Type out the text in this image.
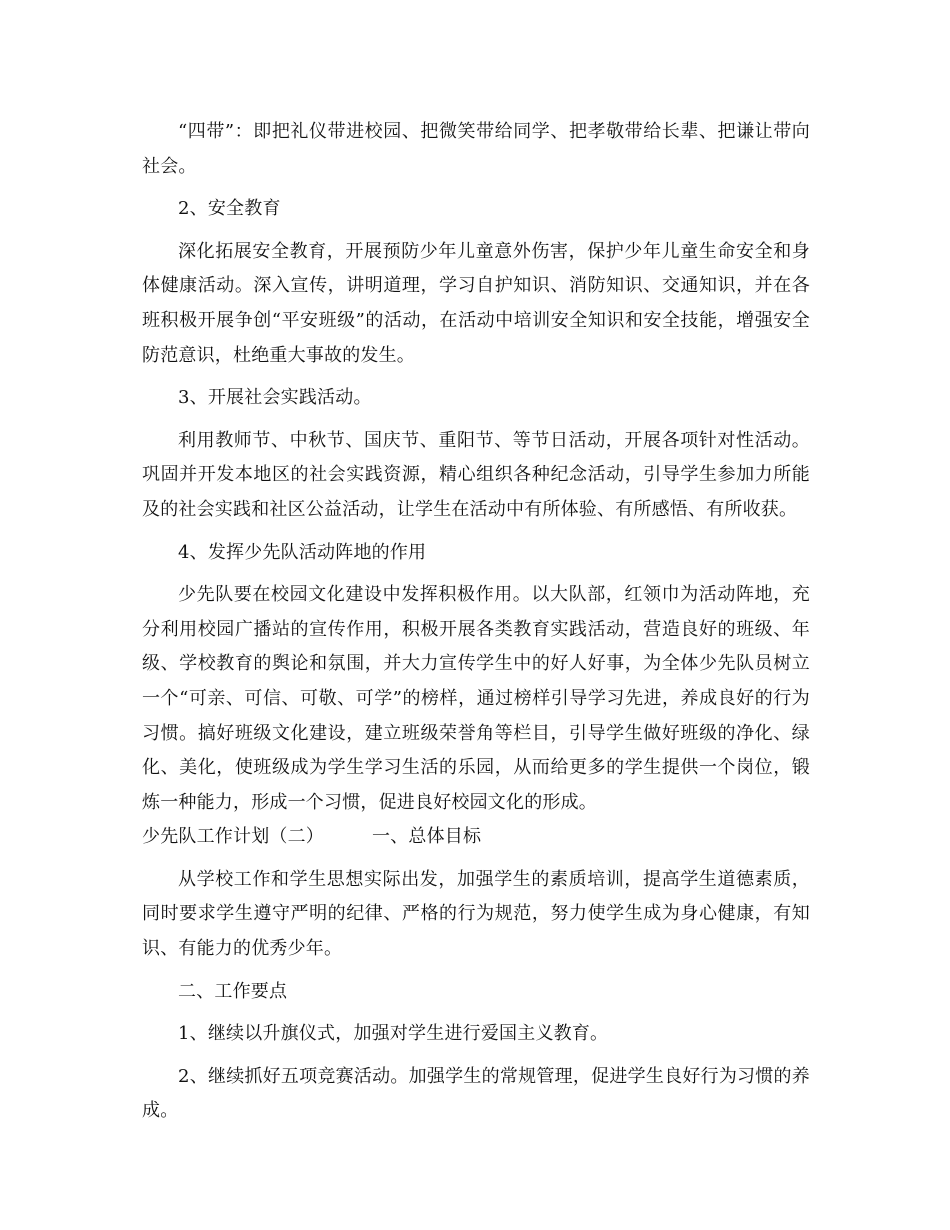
“四带”：即把礼仪带进校园、把微笑带给同学、把孝敬带给长辈、把谦让带向社会。

2、安全教育

深化拓展安全教育，开展预防少年儿童意外伤害，保护少年儿童生命安全和身体健康活动。深入宣传，讲明道理，学习自护知识、消防知识、交通知识，并在各班积极开展争创“平安班级”的活动，在活动中培训安全知识和安全技能，增强安全防范意识，杜绝重大事故的发生。

3、开展社会实践活动。

利用教师节、中秋节、国庆节、重阳节、等节日活动，开展各项针对性活动。巩固并开发本地区的社会实践资源，精心组织各种纪念活动，引导学生参加力所能及的社会实践和社区公益活动，让学生在活动中有所体验、有所感悟、有所收获。

4、发挥少先队活动阵地的作用

少先队要在校园文化建设中发挥积极作用。以大队部，红领巾为活动阵地，充分利用校园广播站的宣传作用，积极开展各类教育实践活动，营造良好的班级、年级、学校教育的舆论和氛围，并大力宣传学生中的好人好事，为全体少先队员树立一个“可亲、可信、可敬、可学”的榜样，通过榜样引导学习先进，养成良好的行为习惯。搞好班级文化建设，建立班级荣誉角等栏目，引导学生做好班级的净化、绿化、美化，使班级成为学生学习生活的乐园，从而给更多的学生提供一个岗位，锻炼一种能力，形成一个习惯，促进良好校园文化的形成。

少先队工作计划（二）	一、总体目标

从学校工作和学生思想实际出发，加强学生的素质培训，提高学生道德素质，同时要求学生遵守严明的纪律、严格的行为规范，努力使学生成为身心健康，有知识、有能力的优秀少年。

二、工作要点

1、继续以升旗仪式，加强对学生进行爱国主义教育。

2、继续抓好五项竞赛活动。加强学生的常规管理，促进学生良好行为习惯的养成。
